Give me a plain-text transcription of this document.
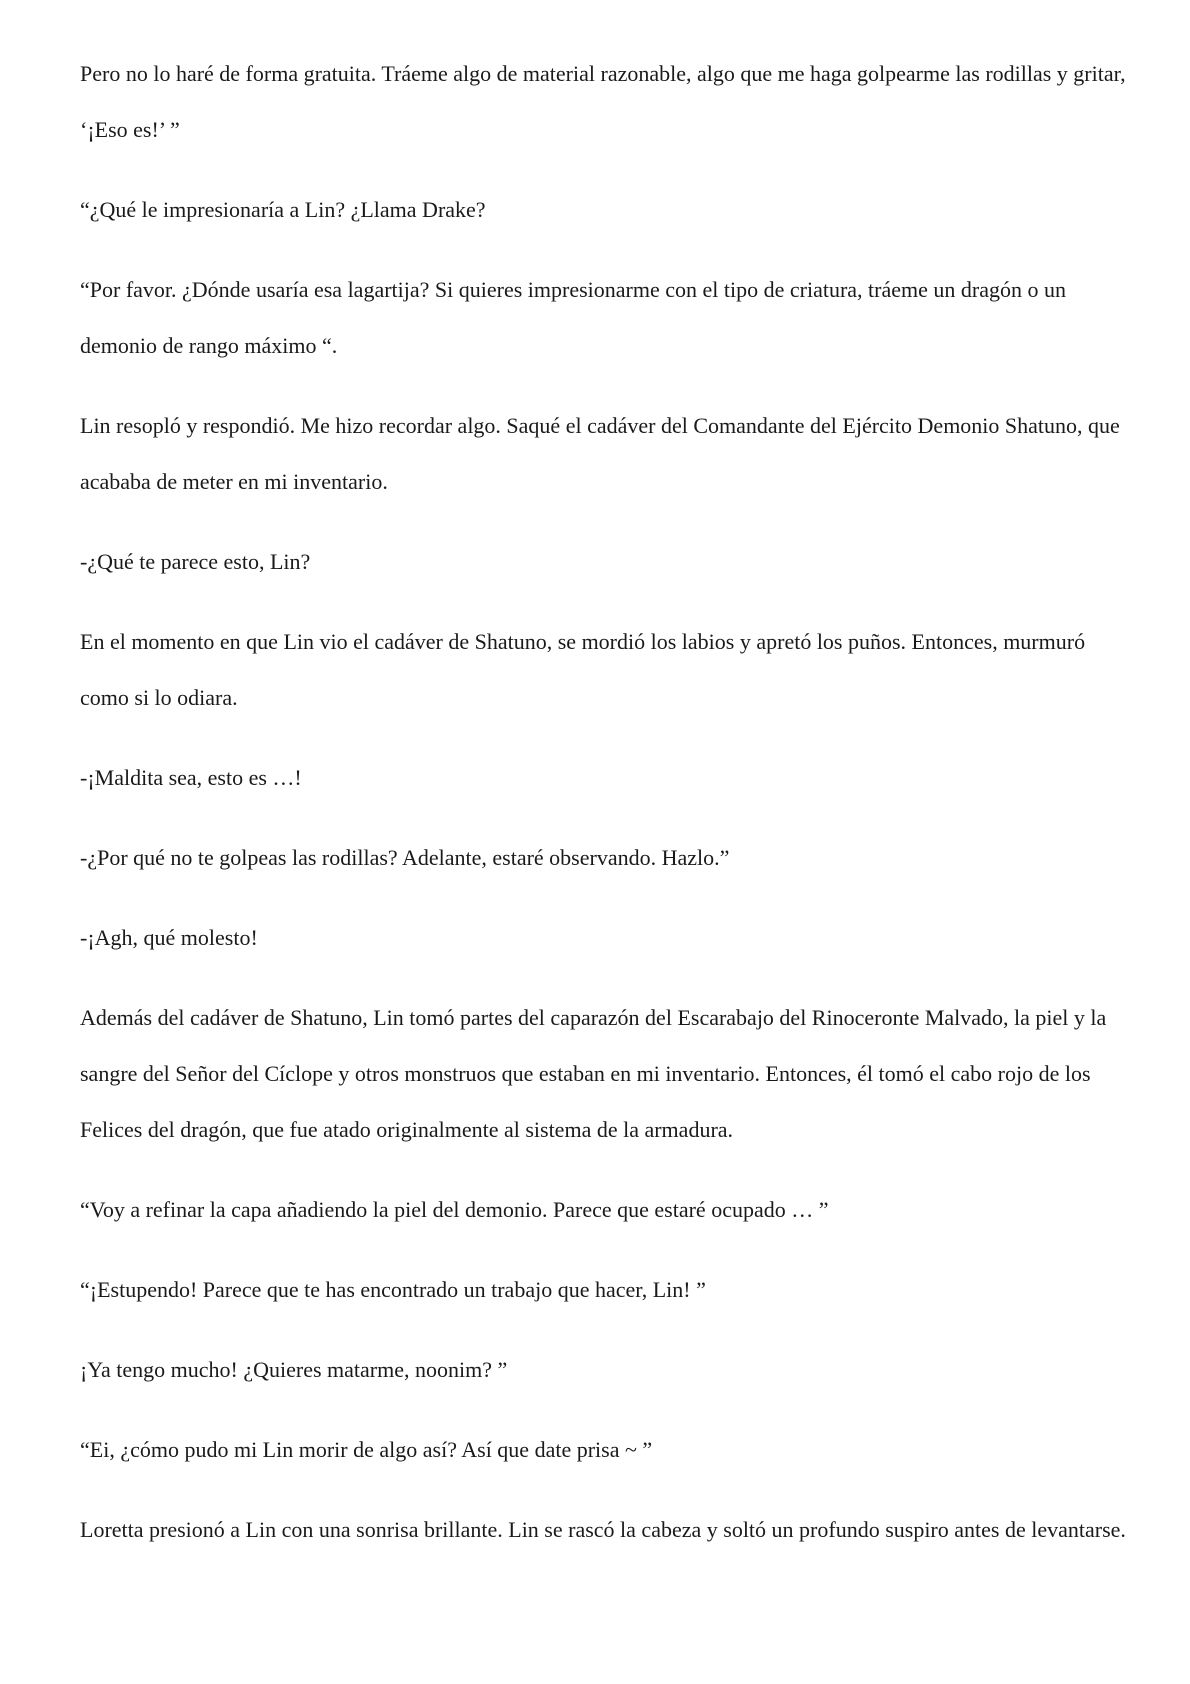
Pero no lo haré de forma gratuita. Tráeme algo de material razonable, algo que me haga golpearme las rodillas y gritar, ‘¡Eso es!’ ”

“¿Qué le impresionaría a Lin? ¿Llama Drake?

“Por favor. ¿Dónde usaría esa lagartija? Si quieres impresionarme con el tipo de criatura, tráeme un dragón o un demonio de rango máximo “.

Lin resopló y respondió. Me hizo recordar algo. Saqué el cadáver del Comandante del Ejército Demonio Shatuno, que acababa de meter en mi inventario.

-¿Qué te parece esto, Lin?

En el momento en que Lin vio el cadáver de Shatuno, se mordió los labios y apretó los puños. Entonces, murmuró como si lo odiara.

-¡Maldita sea, esto es …!

-¿Por qué no te golpeas las rodillas? Adelante, estaré observando. Hazlo.”

-¡Agh, qué molesto!

Además del cadáver de Shatuno, Lin tomó partes del caparazón del Escarabajo del Rinoceronte Malvado, la piel y la sangre del Señor del Cíclope y otros monstruos que estaban en mi inventario. Entonces, él tomó el cabo rojo de los Felices del dragón, que fue atado originalmente al sistema de la armadura.

“Voy a refinar la capa añadiendo la piel del demonio. Parece que estaré ocupado … ”

“¡Estupendo! Parece que te has encontrado un trabajo que hacer, Lin! ”

¡Ya tengo mucho! ¿Quieres matarme, noonim? ”

“Ei, ¿cómo pudo mi Lin morir de algo así? Así que date prisa ~ ”

Loretta presionó a Lin con una sonrisa brillante. Lin se rascó la cabeza y soltó un profundo suspiro antes de levantarse.
